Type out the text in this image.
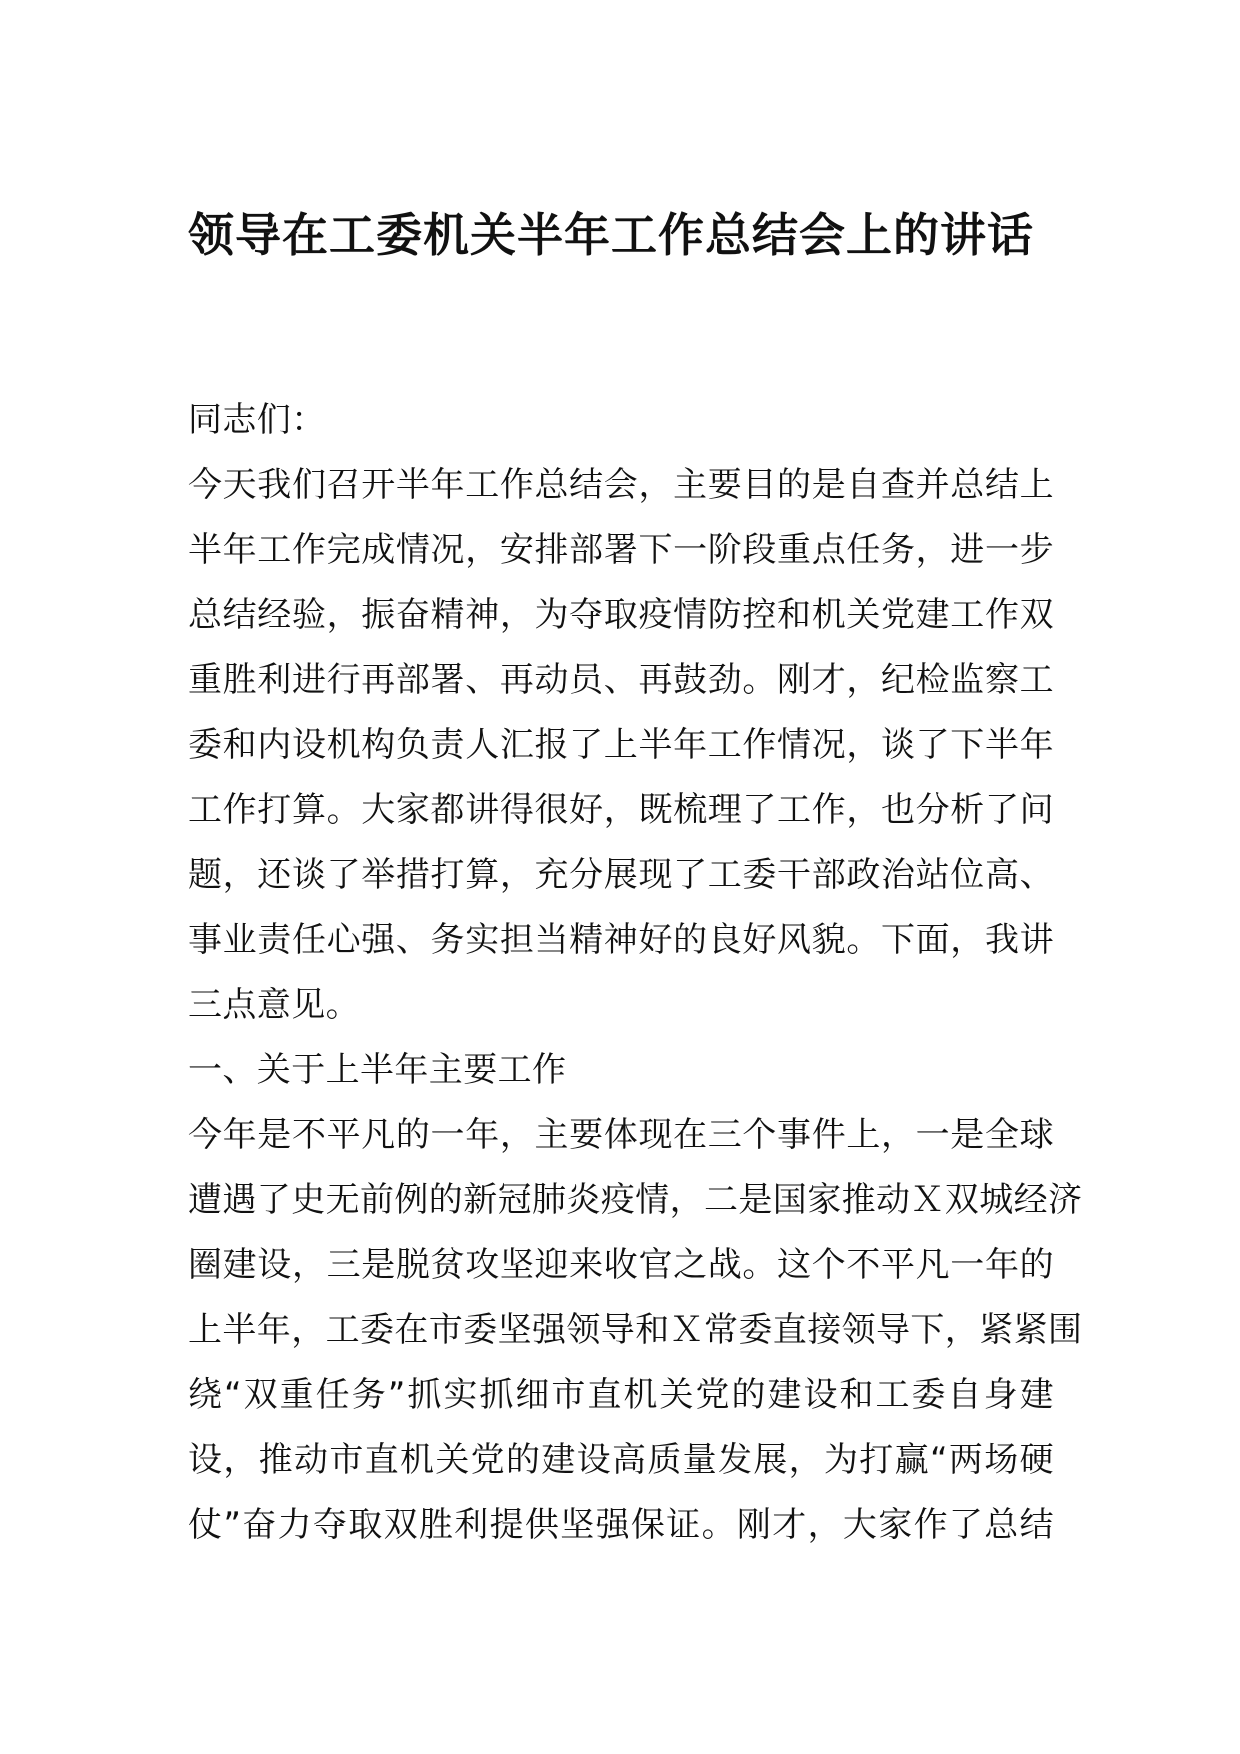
领导在工委机关半年工作总结会上的讲话
同志们：
今天我们召开半年工作总结会，主要目的是自查并总结上
半年工作完成情况，安排部署下一阶段重点任务，进一步
总结经验，振奋精神，为夺取疫情防控和机关党建工作双
重胜利进行再部署、再动员、再鼓劲。刚才，纪检监察工
委和内设机构负责人汇报了上半年工作情况，谈了下半年
工作打算。大家都讲得很好，既梳理了工作，也分析了问
题，还谈了举措打算，充分展现了工委干部政治站位高、
事业责任心强、务实担当精神好的良好风貌。下面，我讲
三点意见。
一、关于上半年主要工作
今年是不平凡的一年，主要体现在三个事件上，一是全球
遭遇了史无前例的新冠肺炎疫情，二是国家推动Ｘ双城经济
圈建设，三是脱贫攻坚迎来收官之战。这个不平凡一年的
上半年，工委在市委坚强领导和Ｘ常委直接领导下，紧紧围
绕“双重任务”抓实抓细市直机关党的建设和工委自身建
设，推动市直机关党的建设高质量发展，为打赢“两场硬
仗”奋力夺取双胜利提供坚强保证。刚才，大家作了总结
